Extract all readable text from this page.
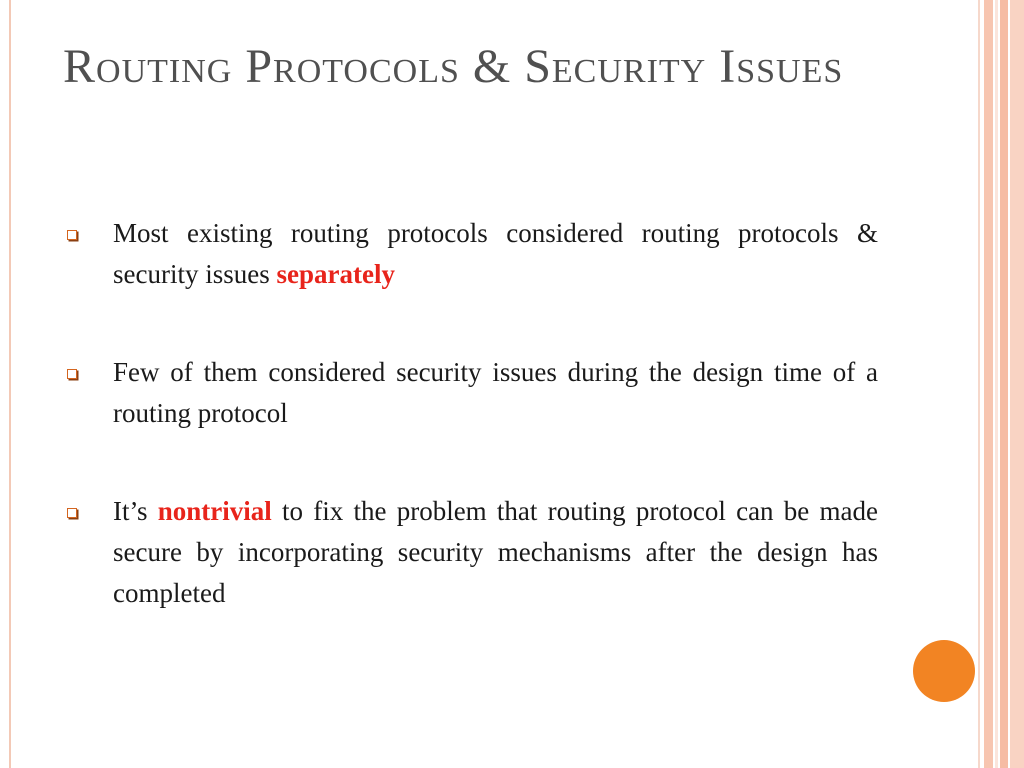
Routing Protocols & Security Issues
Most existing routing protocols considered routing protocols & security issues separately
Few of them considered security issues during the design time of a routing protocol
It’s nontrivial to fix the problem that routing protocol can be made secure by incorporating security mechanisms after the design has completed
